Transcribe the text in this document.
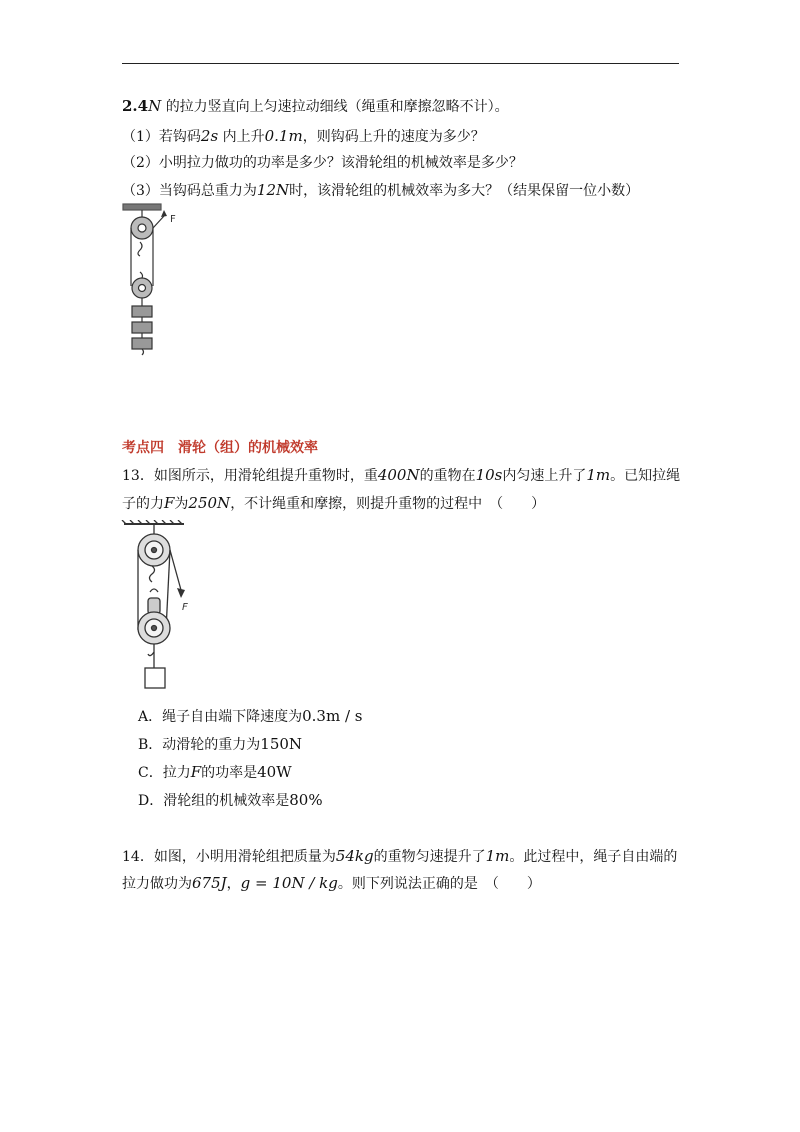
2.4N 的拉力竖直向上匀速拉动细线（绳重和摩擦忽略不计）。
（1）若钩码2s 内上升0.1m，则钩码上升的速度为多少？
（2）小明拉力做功的功率是多少？该滑轮组的机械效率是多少？
（3）当钩码总重力为12N时，该滑轮组的机械效率为多大？（结果保留一位小数）
F
考点四　滑轮（组）的机械效率
13．如图所示，用滑轮组提升重物时，重400N的重物在10s内匀速上升了1m。已知拉绳
子的力F为250N，不计绳重和摩擦，则提升重物的过程中　（　　）
F
A．绳子自由端下降速度为0.3m / s
B．动滑轮的重力为150N
C．拉力F的功率是40W
D．滑轮组的机械效率是80%
14．如图，小明用滑轮组把质量为54kg的重物匀速提升了1m。此过程中，绳子自由端的
拉力做功为675J，g = 10N / kg。则下列说法正确的是　（　　）
